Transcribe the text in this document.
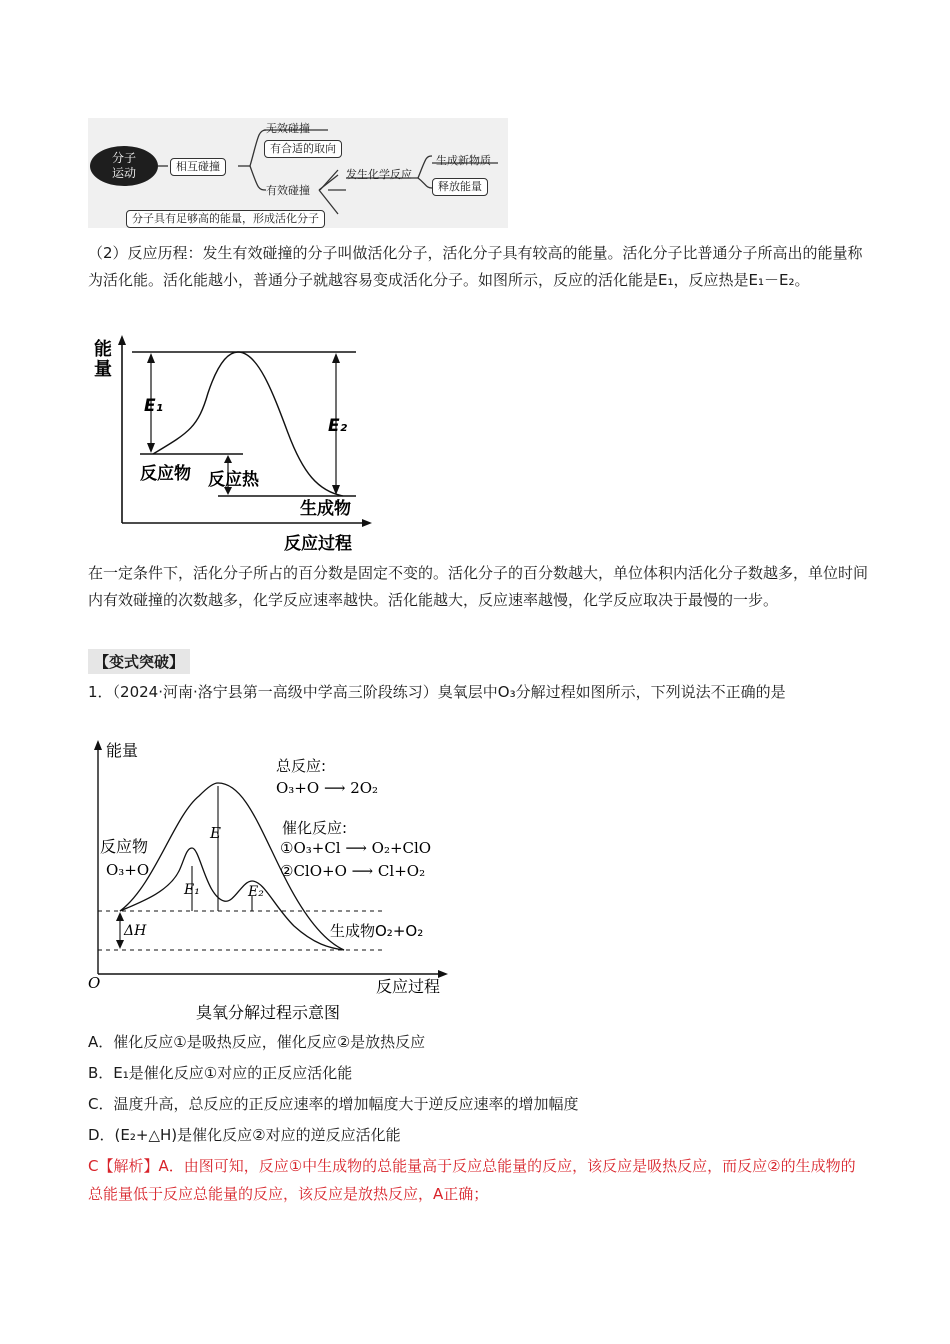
分子运动	相互碰撞
无效碰撞
有合适的取向
有效碰撞
发生化学反应
生成新物质
释放能量
分子具有足够高的能量，形成活化分子
（2）反应历程：发生有效碰撞的分子叫做活化分子，活化分子具有较高的能量。活化分子比普通分子所高出的能量称为活化能。活化能越小，普通分子就越容易变成活化分子。如图所示，反应的活化能是E₁，反应热是E₁－E₂。
能
量
E₁
E₂
反应物 反应热
生成物
反应过程
在一定条件下，活化分子所占的百分数是固定不变的。活化分子的百分数越大，单位体积内活化分子数越多，单位时间内有效碰撞的次数越多，化学反应速率越快。活化能越大，反应速率越慢，化学反应取决于最慢的一步。
【变式突破】
1．（2024·河南·洛宁县第一高级中学高三阶段练习）臭氧层中O₃分解过程如图所示，下列说法不正确的是
能量
O	反应过程
总反应:
O₃+O ⟶ 2O₂
催化反应:
①O₃+Cl ⟶ O₂+ClO
②ClO+O ⟶ Cl+O₂
反应物
O₃+O
E
E₁	E₂
ΔH	生成物O₂+O₂
臭氧分解过程示意图
A．催化反应①是吸热反应，催化反应②是放热反应
B．E₁是催化反应①对应的正反应活化能
C．温度升高，总反应的正反应速率的增加幅度大于逆反应速率的增加幅度
D．(E₂+△H)是催化反应②对应的逆反应活化能
C【解析】A．由图可知，反应①中生成物的总能量高于反应总能量的反应，该反应是吸热反应，而反应②的生成物的总能量低于反应总能量的反应，该反应是放热反应，A正确；
